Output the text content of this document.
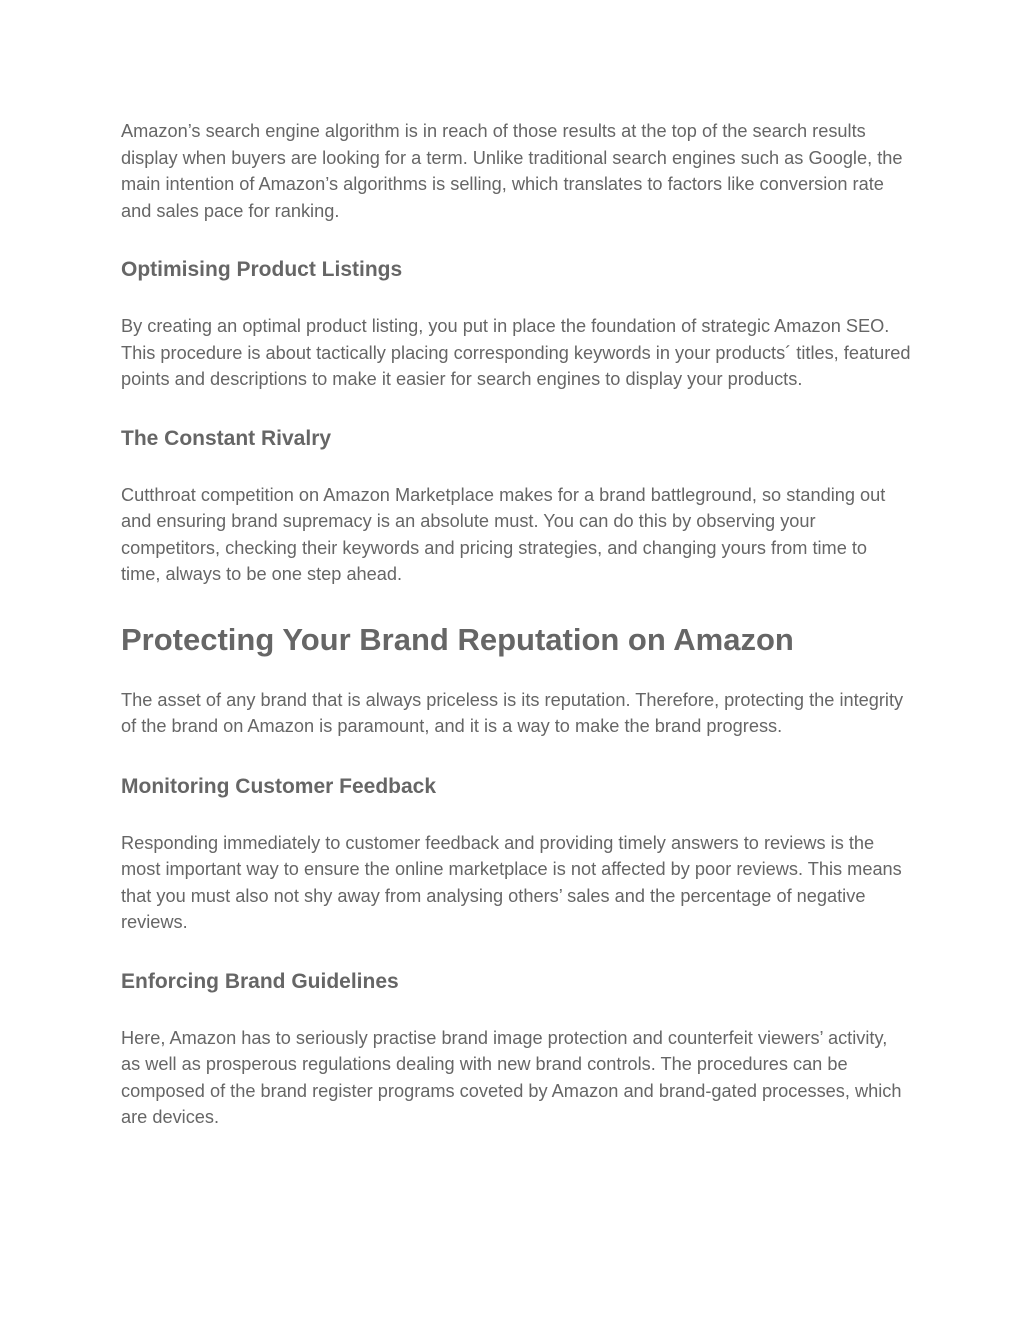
Amazon’s search engine algorithm is in reach of those results at the top of the search results display when buyers are looking for a term. Unlike traditional search engines such as Google, the main intention of Amazon’s algorithms is selling, which translates to factors like conversion rate and sales pace for ranking.

Optimising Product Listings

By creating an optimal product listing, you put in place the foundation of strategic Amazon SEO. This procedure is about tactically placing corresponding keywords in your products´ titles, featured points and descriptions to make it easier for search engines to display your products.

The Constant Rivalry

Cutthroat competition on Amazon Marketplace makes for a brand battleground, so standing out and ensuring brand supremacy is an absolute must. You can do this by observing your competitors, checking their keywords and pricing strategies, and changing yours from time to time, always to be one step ahead.

Protecting Your Brand Reputation on Amazon

The asset of any brand that is always priceless is its reputation. Therefore, protecting the integrity of the brand on Amazon is paramount, and it is a way to make the brand progress.

Monitoring Customer Feedback

Responding immediately to customer feedback and providing timely answers to reviews is the most important way to ensure the online marketplace is not affected by poor reviews. This means that you must also not shy away from analysing others’ sales and the percentage of negative reviews.

Enforcing Brand Guidelines

Here, Amazon has to seriously practise brand image protection and counterfeit viewers’ activity, as well as prosperous regulations dealing with new brand controls. The procedures can be composed of the brand register programs coveted by Amazon and brand-gated processes, which are devices.
